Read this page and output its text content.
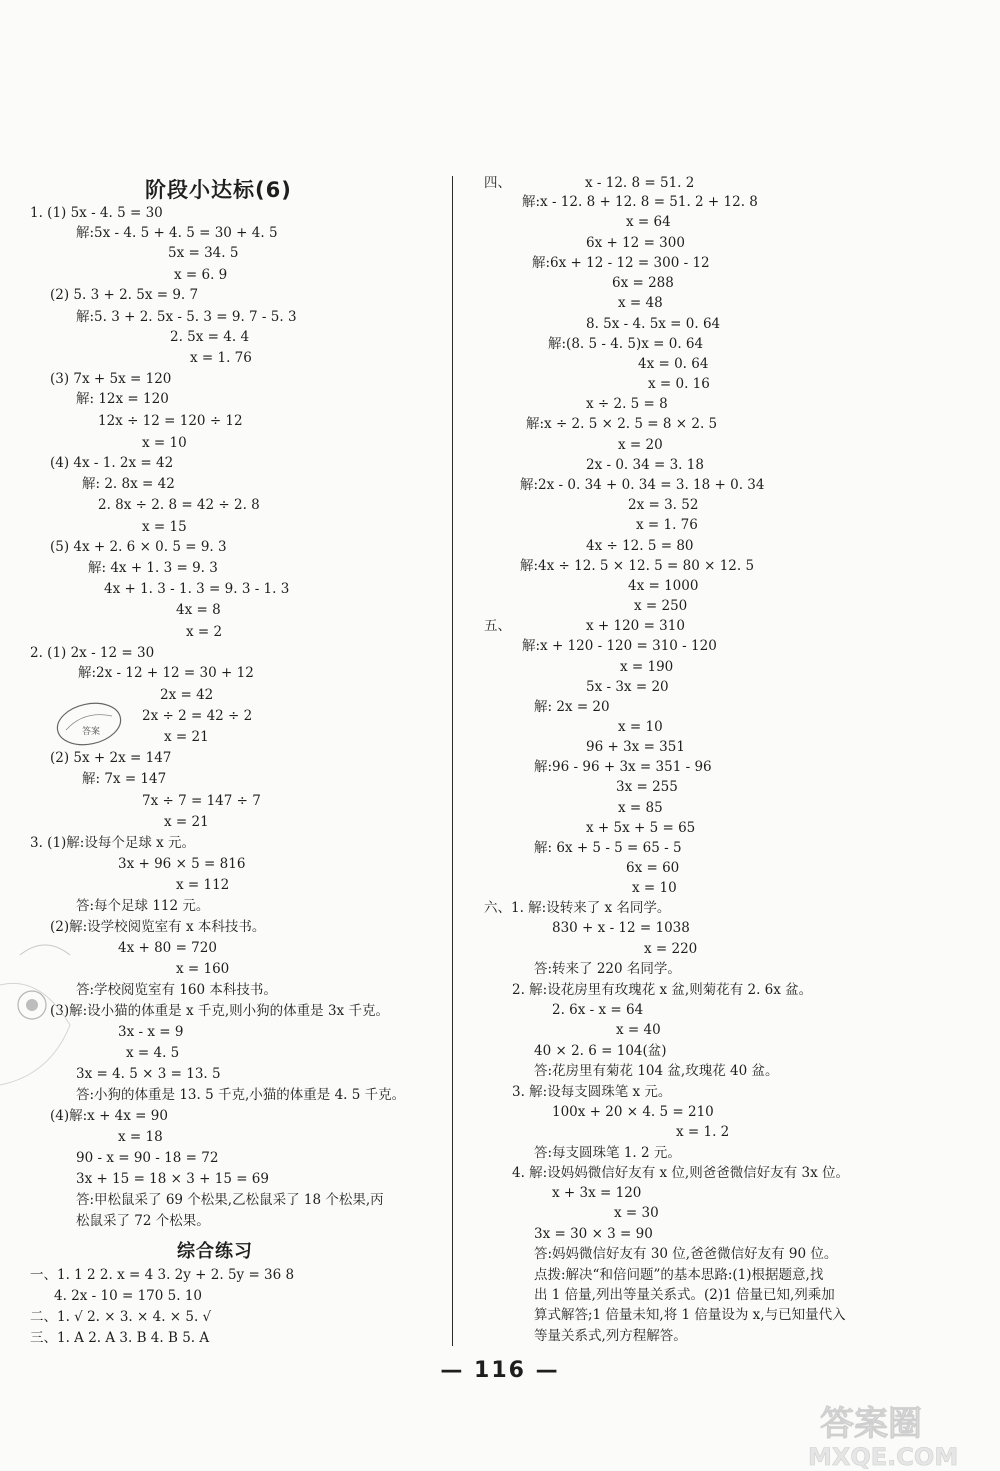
阶段小达标(6)
1. (1) 5x - 4. 5 = 30
解:5x - 4. 5 + 4. 5 = 30 + 4. 5
5x = 34. 5
x = 6. 9
(2) 5. 3 + 2. 5x = 9. 7
解:5. 3 + 2. 5x - 5. 3 = 9. 7 - 5. 3
2. 5x = 4. 4
x = 1. 76
(3) 7x + 5x = 120
解: 12x = 120
12x ÷ 12 = 120 ÷ 12
x = 10
(4) 4x - 1. 2x = 42
解: 2. 8x = 42
2. 8x ÷ 2. 8 = 42 ÷ 2. 8
x = 15
(5) 4x + 2. 6 × 0. 5 = 9. 3
解: 4x + 1. 3 = 9. 3
4x + 1. 3 - 1. 3 = 9. 3 - 1. 3
4x = 8
x = 2
2. (1) 2x - 12 = 30
解:2x - 12 + 12 = 30 + 12
2x = 42
2x ÷ 2 = 42 ÷ 2
x = 21
(2) 5x + 2x = 147
解: 7x = 147
7x ÷ 7 = 147 ÷ 7
x = 21
3. (1)解:设每个足球 x 元。
3x + 96 × 5 = 816
x = 112
答:每个足球 112 元。
(2)解:设学校阅览室有 x 本科技书。
4x + 80 = 720
x = 160
答:学校阅览室有 160 本科技书。
(3)解:设小猫的体重是 x 千克,则小狗的体重是 3x 千克。
3x - x = 9
x = 4. 5
3x = 4. 5 × 3 = 13. 5
答:小狗的体重是 13. 5 千克,小猫的体重是 4. 5 千克。
(4)解:x + 4x = 90
x = 18
90 - x = 90 - 18 = 72
3x + 15 = 18 × 3 + 15 = 69
答:甲松鼠采了 69 个松果,乙松鼠采了 18 个松果,丙
松鼠采了 72 个松果。
一、1. 1 2 2. x = 4 3. 2y + 2. 5y = 36 8
4. 2x - 10 = 170 5. 10
二、1. √ 2. × 3. × 4. × 5. √
三、1. A 2. A 3. B 4. B 5. A
综合练习
四、	x - 12. 8 = 51. 2
解:x - 12. 8 + 12. 8 = 51. 2 + 12. 8
x = 64
6x + 12 = 300
解:6x + 12 - 12 = 300 - 12
6x = 288
x = 48
8. 5x - 4. 5x = 0. 64
解:(8. 5 - 4. 5)x = 0. 64
4x = 0. 64
x = 0. 16
x ÷ 2. 5 = 8
解:x ÷ 2. 5 × 2. 5 = 8 × 2. 5
x = 20
2x - 0. 34 = 3. 18
解:2x - 0. 34 + 0. 34 = 3. 18 + 0. 34
2x = 3. 52
x = 1. 76
4x ÷ 12. 5 = 80
解:4x ÷ 12. 5 × 12. 5 = 80 × 12. 5
4x = 1000
x = 250
五、	x + 120 = 310
解:x + 120 - 120 = 310 - 120
x = 190
5x - 3x = 20
解: 2x = 20
x = 10
96 + 3x = 351
解:96 - 96 + 3x = 351 - 96
3x = 255
x = 85
x + 5x + 5 = 65
解: 6x + 5 - 5 = 65 - 5
6x = 60
x = 10
六、1. 解:设转来了 x 名同学。
830 + x - 12 = 1038
x = 220
答:转来了 220 名同学。
2. 解:设花房里有玫瑰花 x 盆,则菊花有 2. 6x 盆。
2. 6x - x = 64
x = 40
40 × 2. 6 = 104(盆)
答:花房里有菊花 104 盆,玫瑰花 40 盆。
3. 解:设每支圆珠笔 x 元。
100x + 20 × 4. 5 = 210
x = 1. 2
答:每支圆珠笔 1. 2 元。
4. 解:设妈妈微信好友有 x 位,则爸爸微信好友有 3x 位。
x + 3x = 120
x = 30
3x = 30 × 3 = 90
答:妈妈微信好友有 30 位,爸爸微信好友有 90 位。
点拨:解决“和倍问题”的基本思路:(1)根据题意,找
出 1 倍量,列出等量关系式。(2)1 倍量已知,列乘加
算式解答;1 倍量未知,将 1 倍量设为 x,与已知量代入
等量关系式,列方程解答。
答案
— 116 —
答案圈
MXQE.COM
